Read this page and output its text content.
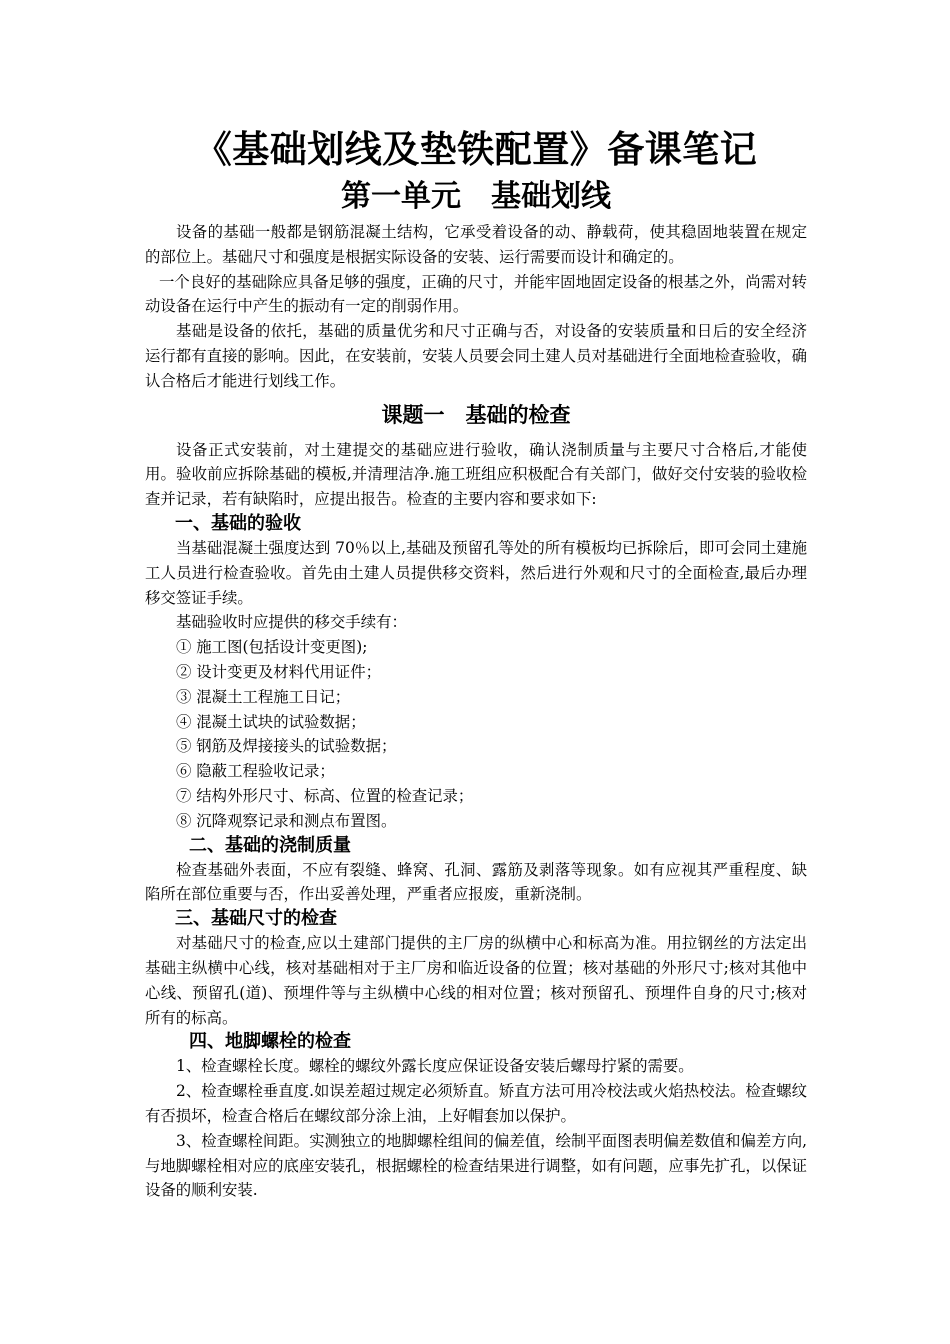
《基础划线及垫铁配置》备课笔记
第一单元　基础划线

设备的基础一般都是钢筋混凝土结构，它承受着设备的动、静载荷，使其稳固地装置在规定的部位上。基础尺寸和强度是根据实际设备的安装、运行需要而设计和确定的。

一个良好的基础除应具备足够的强度，正确的尺寸，并能牢固地固定设备的根基之外，尚需对转动设备在运行中产生的振动有一定的削弱作用。

基础是设备的依托，基础的质量优劣和尺寸正确与否，对设备的安装质量和日后的安全经济运行都有直接的影响。因此，在安装前，安装人员要会同土建人员对基础进行全面地检查验收，确认合格后才能进行划线工作。

课题一　基础的检查

设备正式安装前，对土建提交的基础应进行验收，确认浇制质量与主要尺寸合格后,才能使用。验收前应拆除基础的模板,并清理洁净.施工班组应积极配合有关部门，做好交付安装的验收检查并记录，若有缺陷时，应提出报告。检查的主要内容和要求如下:

一、基础的验收

当基础混凝土强度达到 70％以上,基础及预留孔等处的所有模板均已拆除后，即可会同土建施工人员进行检查验收。首先由土建人员提供移交资料，然后进行外观和尺寸的全面检查,最后办理移交签证手续。

基础验收时应提供的移交手续有：

① 施工图(包括设计变更图);

② 设计变更及材料代用证件；

③ 混凝土工程施工日记；

④ 混凝土试块的试验数据；

⑤ 钢筋及焊接接头的试验数据；

⑥ 隐蔽工程验收记录；

⑦ 结构外形尺寸、标高、位置的检查记录；

⑧ 沉降观察记录和测点布置图。

二、基础的浇制质量

检查基础外表面，不应有裂缝、蜂窝、孔洞、露筋及剥落等现象。如有应视其严重程度、缺陷所在部位重要与否，作出妥善处理，严重者应报废，重新浇制。

三、基础尺寸的检查

对基础尺寸的检查,应以土建部门提供的主厂房的纵横中心和标高为准。用拉钢丝的方法定出基础主纵横中心线，核对基础相对于主厂房和临近设备的位置；核对基础的外形尺寸;核对其他中心线、预留孔(道)、预埋件等与主纵横中心线的相对位置；核对预留孔、预埋件自身的尺寸;核对所有的标高。

四、地脚螺栓的检查

1、检查螺栓长度。螺栓的螺纹外露长度应保证设备安装后螺母拧紧的需要。

2、检查螺栓垂直度.如误差超过规定必须矫直。矫直方法可用冷校法或火焰热校法。检查螺纹有否损坏，检查合格后在螺纹部分涂上油，上好帽套加以保护。

3、检查螺栓间距。实测独立的地脚螺栓组间的偏差值，绘制平面图表明偏差数值和偏差方向,与地脚螺栓相对应的底座安装孔，根据螺栓的检查结果进行调整，如有问题，应事先扩孔，以保证设备的顺利安装.
